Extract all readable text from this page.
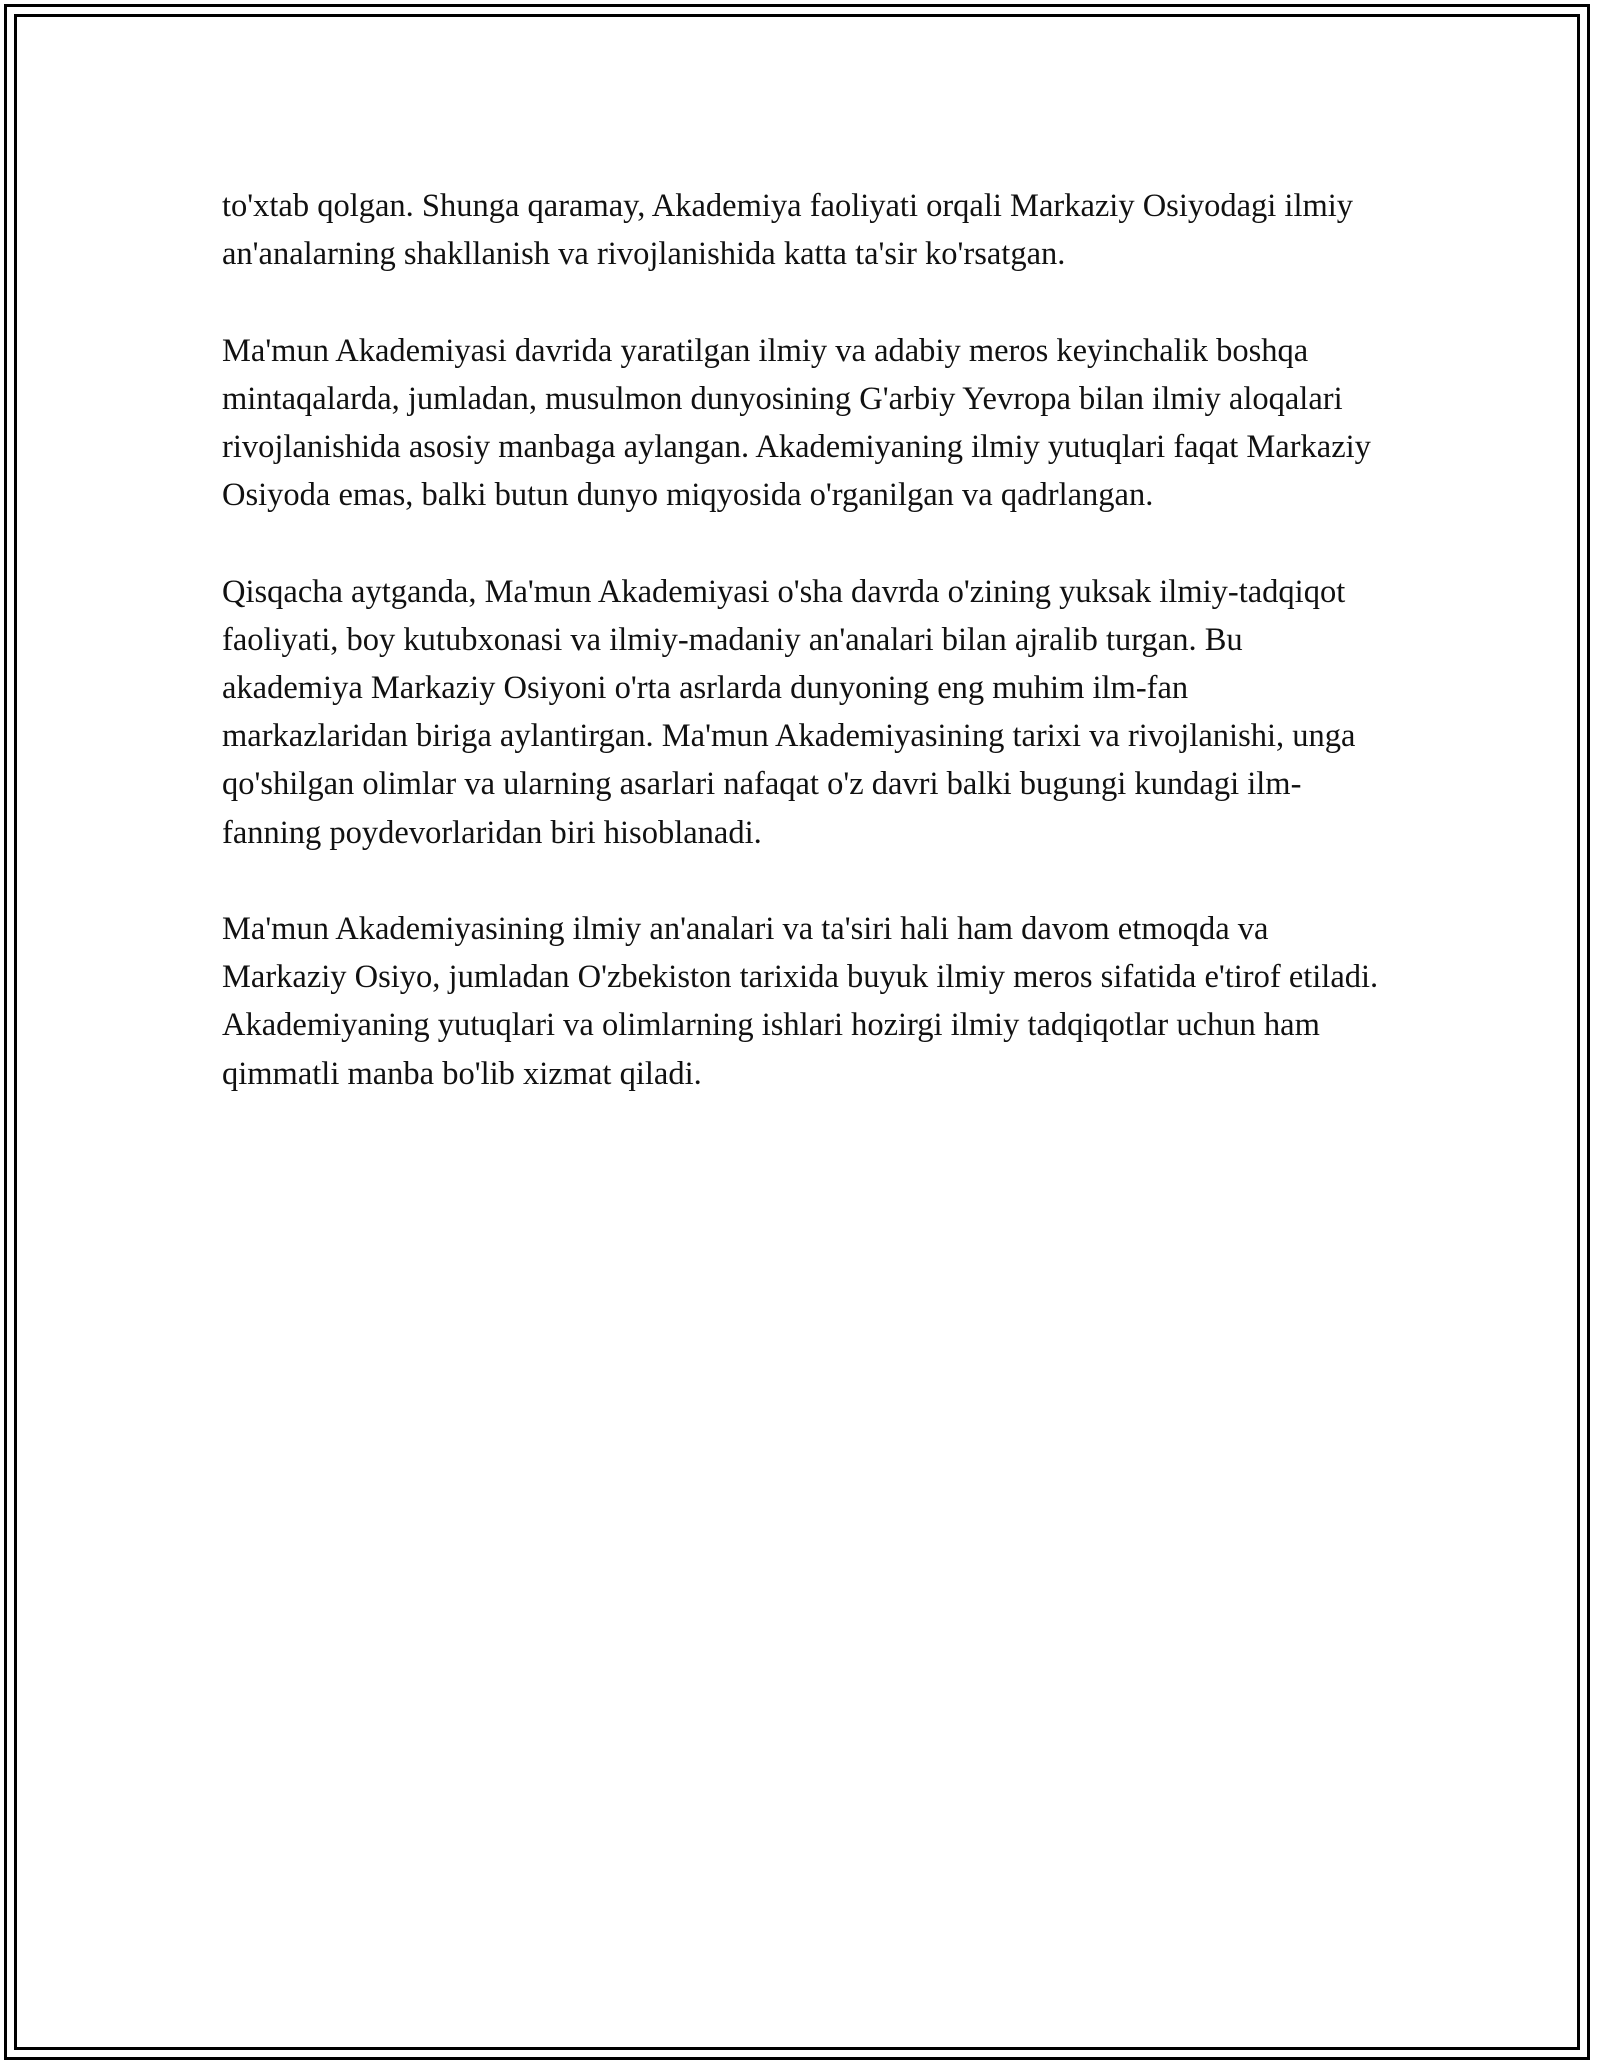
to'xtab qolgan. Shunga qaramay, Akademiya faoliyati orqali Markaziy Osiyodagi ilmiy an'analarning shakllanish va rivojlanishida katta ta'sir ko'rsatgan.

Ma'mun Akademiyasi davrida yaratilgan ilmiy va adabiy meros keyinchalik boshqa mintaqalarda, jumladan, musulmon dunyosining G'arbiy Yevropa bilan ilmiy aloqalari rivojlanishida asosiy manbaga aylangan. Akademiyaning ilmiy yutuqlari faqat Markaziy Osiyoda emas, balki butun dunyo miqyosida o'rganilgan va qadrlangan.

Qisqacha aytganda, Ma'mun Akademiyasi o'sha davrda o'zining yuksak ilmiy-tadqiqot faoliyati, boy kutubxonasi va ilmiy-madaniy an'analari bilan ajralib turgan. Bu akademiya Markaziy Osiyoni o'rta asrlarda dunyoning eng muhim ilm-fan markazlaridan biriga aylantirgan. Ma'mun Akademiyasining tarixi va rivojlanishi, unga qo'shilgan olimlar va ularning asarlari nafaqat o'z davri balki bugungi kundagi ilm-fanning poydevorlaridan biri hisoblanadi.

Ma'mun Akademiyasining ilmiy an'analari va ta'siri hali ham davom etmoqda va Markaziy Osiyo, jumladan O'zbekiston tarixida buyuk ilmiy meros sifatida e'tirof etiladi. Akademiyaning yutuqlari va olimlarning ishlari hozirgi ilmiy tadqiqotlar uchun ham qimmatli manba bo'lib xizmat qiladi.
